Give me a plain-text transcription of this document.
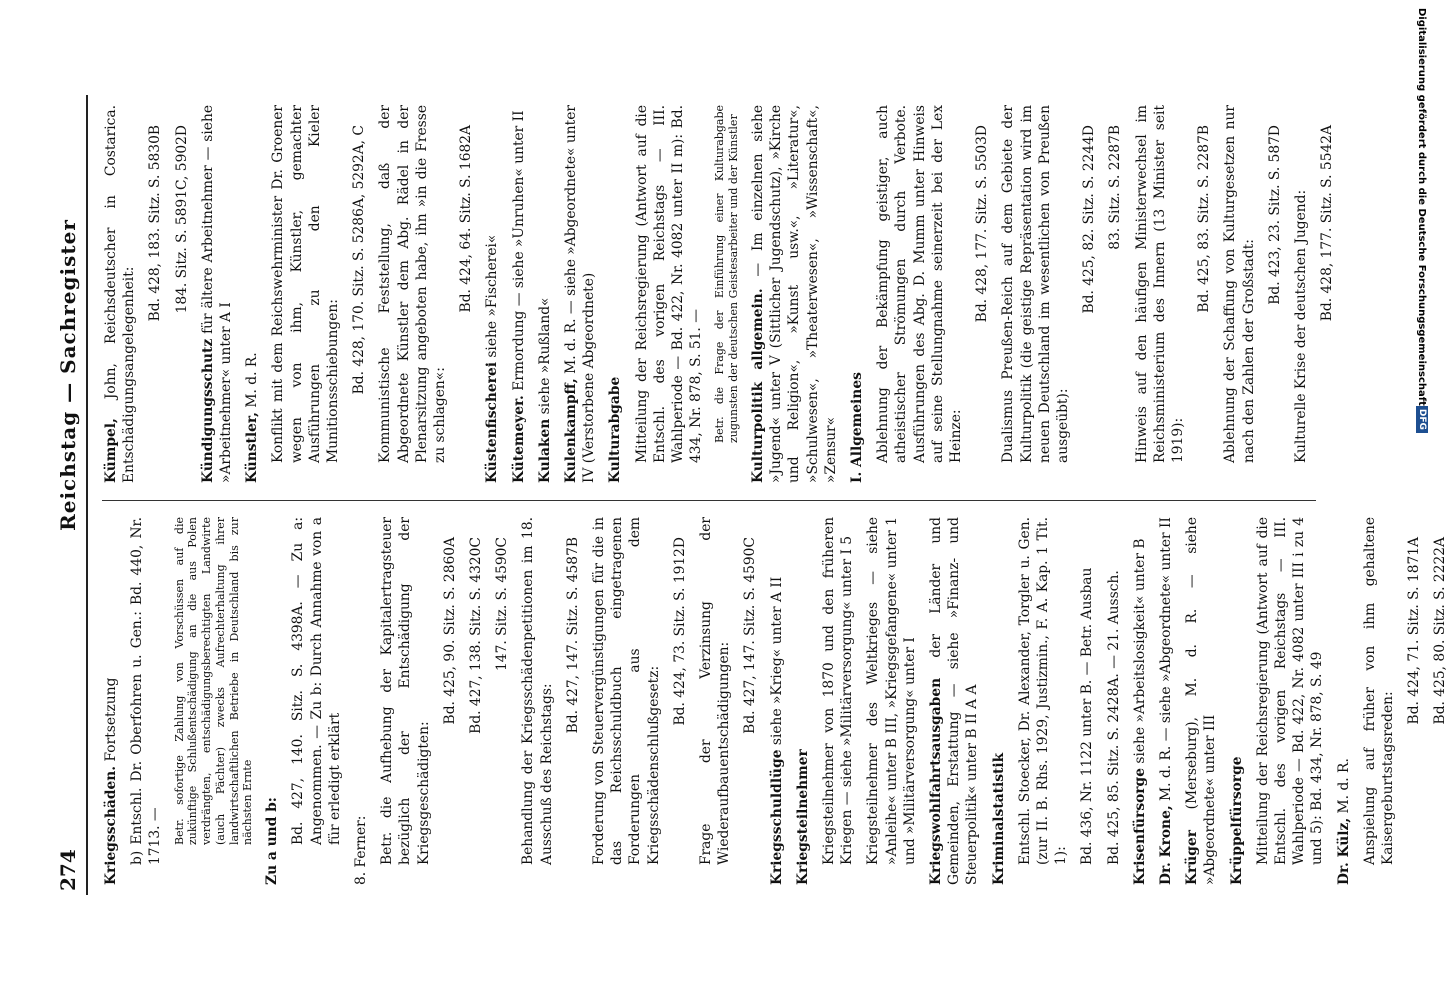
274
Reichstag — Sachregister
Kriegsschäden. Fortsetzung b) Entschl. Dr. Oberfohren u. Gen.: Bd. 440, Nr. 1713. — Betr. sofortige Zahlung von Vorschüssen auf die zukünftige Schlußentschädigung an die aus Polen verdrängten, entschädigungsberechtigten Landwirte (auch Pächter) zwecks Aufrechterhaltung ihrer landwirtschaftlichen Betriebe in Deutschland bis zur nächsten Ernte Zu a und b: Bd. 427, 140. Sitz. S. 4398A. — Zu a: Angenommen. — Zu b: Durch Annahme von a für erledigt erklärt
8. Ferner: Betr. die Aufhebung der Kapitalertragsteuer bezüglich der Entschädigung der Kriegsgeschädigten:
Bd. 425, 90. Sitz. S. 2860A Bd. 427, 138. Sitz. S. 4320C 147. Sitz. S. 4590C Behandlung der Kriegsschädenpetitionen im 18. Ausschuß des Reichstags:
Bd. 427, 147. Sitz. S. 4587B Forderung von Steuervergünstigungen für die in das Reichsschuldbuch eingetragenen Forderungen aus dem Kriegsschädenschlußgesetz:
Bd. 424, 73. Sitz. S. 1912D Frage der Verzinsung der Wiederaufbauentschädigungen:
Bd. 427, 147. Sitz. S. 4590C
Kriegsschuldlüge siehe »Krieg« unter A II
Kriegsteilnehmer Kriegsteilnehmer von 1870 und den früheren Kriegen — siehe »Militärversorgung« unter I 5 Kriegsteilnehmer des Weltkrieges — siehe »Anleihe« unter B III, »Kriegsgefangene« unter 1 und »Militärversorgung« unter I Kriegswohlfahrtsausgaben der Länder und Gemeinden, Erstattung — siehe »Finanz- und Steuerpolitik« unter B II A A Kriminalstatistik Entschl. Stoecker, Dr. Alexander, Torgler u. Gen. (zur II. B. Rhs. 1929, Justizmin., F. A. Kap. 1 Tit. 1): Bd. 436, Nr. 1122 unter B. — Betr. Ausbau Bd. 425, 85. Sitz. S. 2428A. — 21. Aussch. Krisenfürsorge siehe »Arbeitslosigkeit« unter B
Dr. Krone, M. d. R. — siehe »Abgeordnete« unter II
Krüger (Merseburg), M. d. R. — siehe »Abgeordnete« unter III Krüppelfürsorge Mitteilung der Reichsregierung (Antwort auf die Entschl. des vorigen Reichstags — III. Wahlperiode — Bd. 422, Nr. 4082 unter III i zu 4 und 5): Bd. 434, Nr. 878, S. 49 Dr. Külz, M. d. R. Anspielung auf früher von ihm gehaltene Kaisergeburtstagsreden:
Bd. 424, 71. Sitz. S. 1871A Bd. 425, 80. Sitz. S. 2222A
Kümpel, John, Reichsdeutscher in Costarica. Entschädigungsangelegenheit:
Bd. 428, 183. Sitz. S. 5830B 184. Sitz. S. 5891C, 5902D
Kündigungsschutz für ältere Arbeitnehmer — siehe »Arbeitnehmer« unter A I Künstler, M. d. R. Konflikt mit dem Reichswehrminister Dr. Groener wegen von ihm, Künstler, gemachter Ausführungen zu den Kieler Munitionsschiebungen: Bd. 428, 170. Sitz. S. 5286A, 5292A, C Kommunistische Feststellung, daß der Abgeordnete Künstler dem Abg. Rädel in der Plenarsitzung angeboten habe, ihn »in die Fresse zu schlagen«:
Bd. 424, 64. Sitz. S. 1682A
Küstenfischerei siehe »Fischerei«
Kütemeyer. Ermordung — siehe »Unruhen« unter II
Kulaken siehe »Rußland«
Kulenkampff, M. d. R. — siehe »Abgeordnete« unter IV (Verstorbene Abgeordnete) Kulturabgabe Mitteilung der Reichsregierung (Antwort auf die Entschl. des vorigen Reichstags — III. Wahlperiode — Bd. 422, Nr. 4082 unter II m): Bd. 434, Nr. 878, S. 51. — Betr. die Frage der Einführung einer Kulturabgabe zugunsten der deutschen Geistesarbeiter und der Künstler Kulturpolitik allgemein. — Im einzelnen siehe »Jugend« unter V (Sittlicher Jugendschutz), »Kirche und Religion«, »Kunst usw.«, »Literatur«, »Schulwesen«, »Theaterwesen«, »Wissenschaft«, »Zensur« I. Allgemeines Ablehnung der Bekämpfung geistiger, auch atheistischer Strömungen durch Verbote. Ausführungen des Abg. D. Mumm unter Hinweis auf seine Stellungnahme seinerzeit bei der Lex Heinze:
Bd. 428, 177. Sitz. S. 5503D Dualismus Preußen-Reich auf dem Gebiete der Kulturpolitik (die geistige Repräsentation wird im neuen Deutschland im wesentlichen von Preußen ausgeübt):
Bd. 425, 82. Sitz. S. 2244D 83. Sitz. S. 2287B Hinweis auf den häufigen Ministerwechsel im Reichsministerium des Innern (13 Minister seit 1919):
Bd. 425, 83. Sitz. S. 2287B Ablehnung der Schaffung von Kulturgesetzen nur nach den Zahlen der Großstadt:
Bd. 423, 23. Sitz. S. 587D Kulturelle Krise der deutschen Jugend: Bd. 428, 177. Sitz. S. 5542A	Digitalisierung gefördert durch die Deutsche Forschungsgemeinschaft
DFG
